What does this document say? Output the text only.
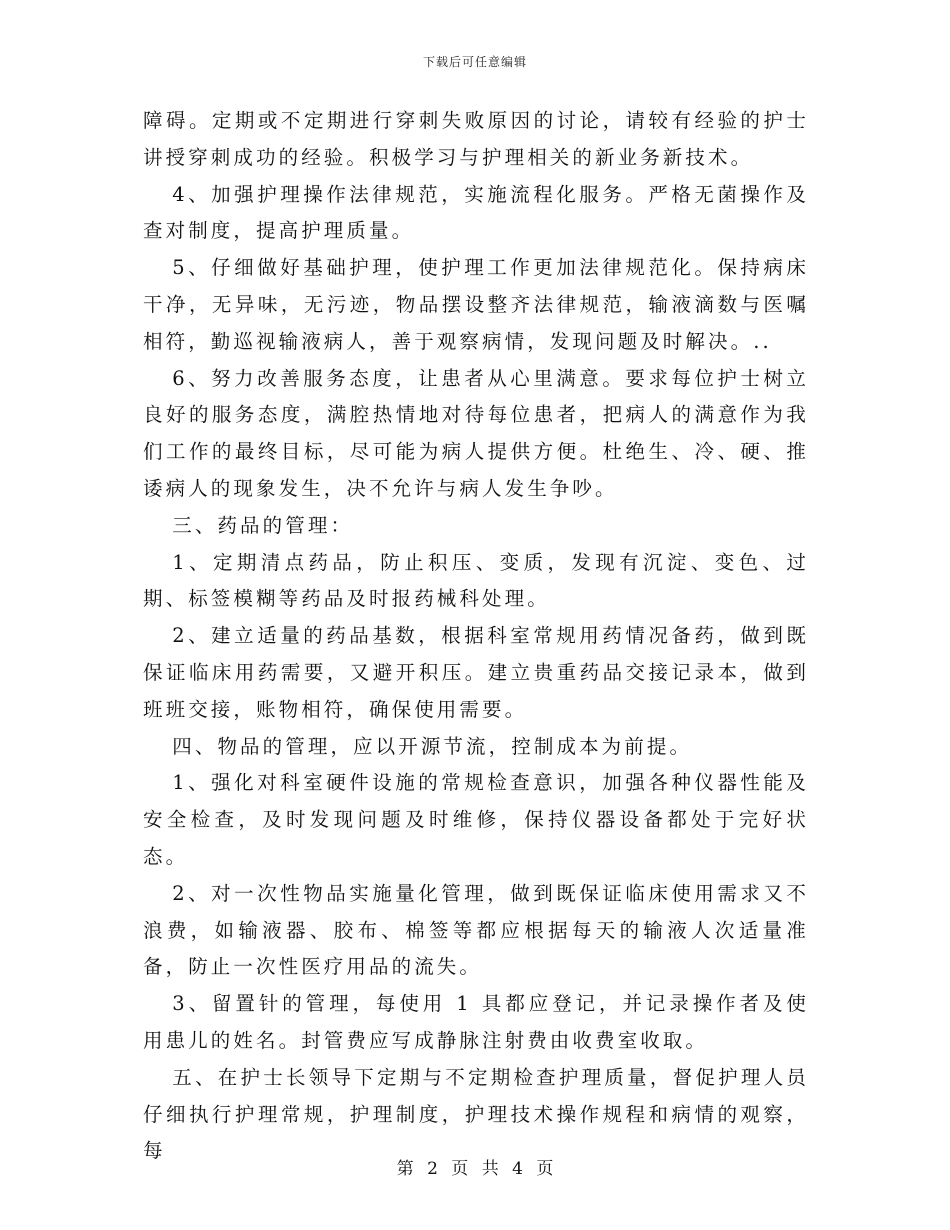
下载后可任意编辑

障碍。定期或不定期进行穿刺失败原因的讨论，请较有经验的护士讲授穿刺成功的经验。积极学习与护理相关的新业务新技术。

4、加强护理操作法律规范，实施流程化服务。严格无菌操作及查对制度，提高护理质量。

5、仔细做好基础护理，使护理工作更加法律规范化。保持病床干净，无异味，无污迹，物品摆设整齐法律规范，输液滴数与医嘱相符，勤巡视输液病人，善于观察病情，发现问题及时解决。..

6、努力改善服务态度，让患者从心里满意。要求每位护士树立良好的服务态度，满腔热情地对待每位患者，把病人的满意作为我们工作的最终目标，尽可能为病人提供方便。杜绝生、冷、硬、推诿病人的现象发生，决不允许与病人发生争吵。

三、药品的管理：

1、定期清点药品，防止积压、变质，发现有沉淀、变色、过期、标签模糊等药品及时报药械科处理。

2、建立适量的药品基数，根据科室常规用药情况备药，做到既保证临床用药需要，又避开积压。建立贵重药品交接记录本，做到班班交接，账物相符，确保使用需要。

四、物品的管理，应以开源节流，控制成本为前提。

1、强化对科室硬件设施的常规检查意识，加强各种仪器性能及安全检查，及时发现问题及时维修，保持仪器设备都处于完好状态。

2、对一次性物品实施量化管理，做到既保证临床使用需求又不浪费，如输液器、胶布、棉签等都应根据每天的输液人次适量准备，防止一次性医疗用品的流失。

3、留置针的管理，每使用 1 具都应登记，并记录操作者及使用患儿的姓名。封管费应写成静脉注射费由收费室收取。

五、在护士长领导下定期与不定期检查护理质量，督促护理人员仔细执行护理常规，护理制度，护理技术操作规程和病情的观察，每

第 2 页 共 4 页
